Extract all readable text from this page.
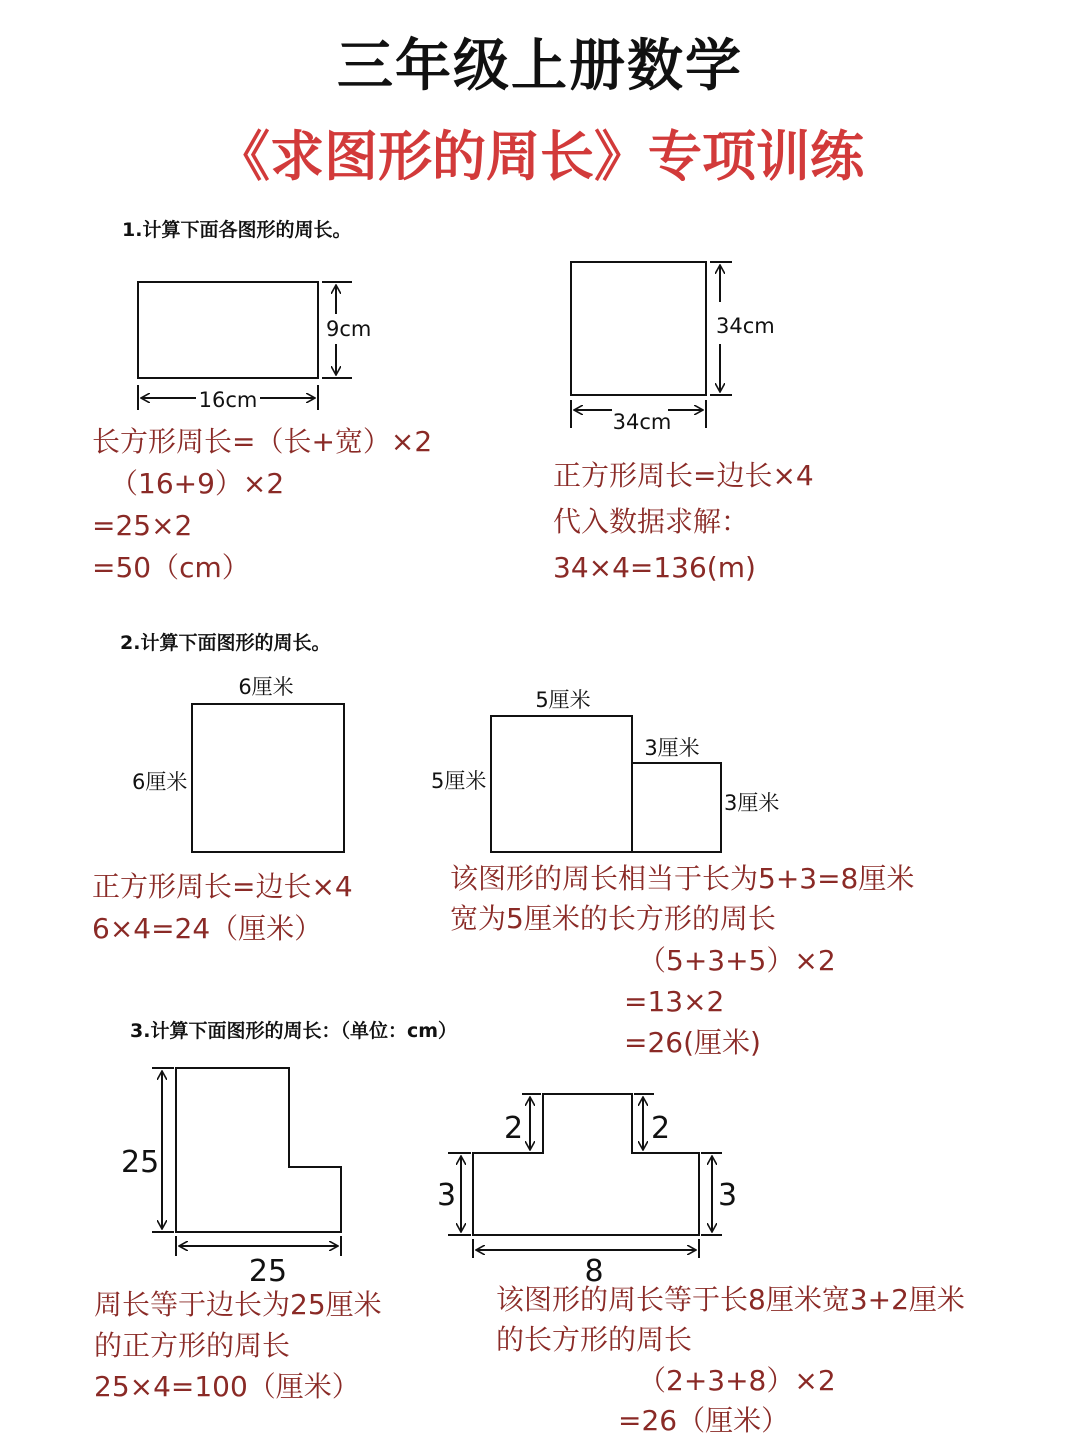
三年级上册数学
《求图形的周长》专项训练
1.计算下面各图形的周长。
2.计算下面图形的周长。
3.计算下面图形的周长：（单位：cm）
9cm
16cm
34cm
34cm
6厘米
6厘米
5厘米
5厘米
3厘米
3厘米
25
25
2	2
3	3
8
长方形周长=（长+宽）×2
（16+9）×2
=25×2
=50（cm）
正方形周长=边长×4
代入数据求解：
34×4=136(m)
正方形周长=边长×4
6×4=24（厘米）
该图形的周长相当于长为5+3=8厘米
宽为5厘米的长方形的周长
（5+3+5）×2
=13×2
=26(厘米)
周长等于边长为25厘米
的正方形的周长
25×4=100（厘米）
该图形的周长等于长8厘米宽3+2厘米
的长方形的周长
（2+3+8）×2
=26（厘米）
